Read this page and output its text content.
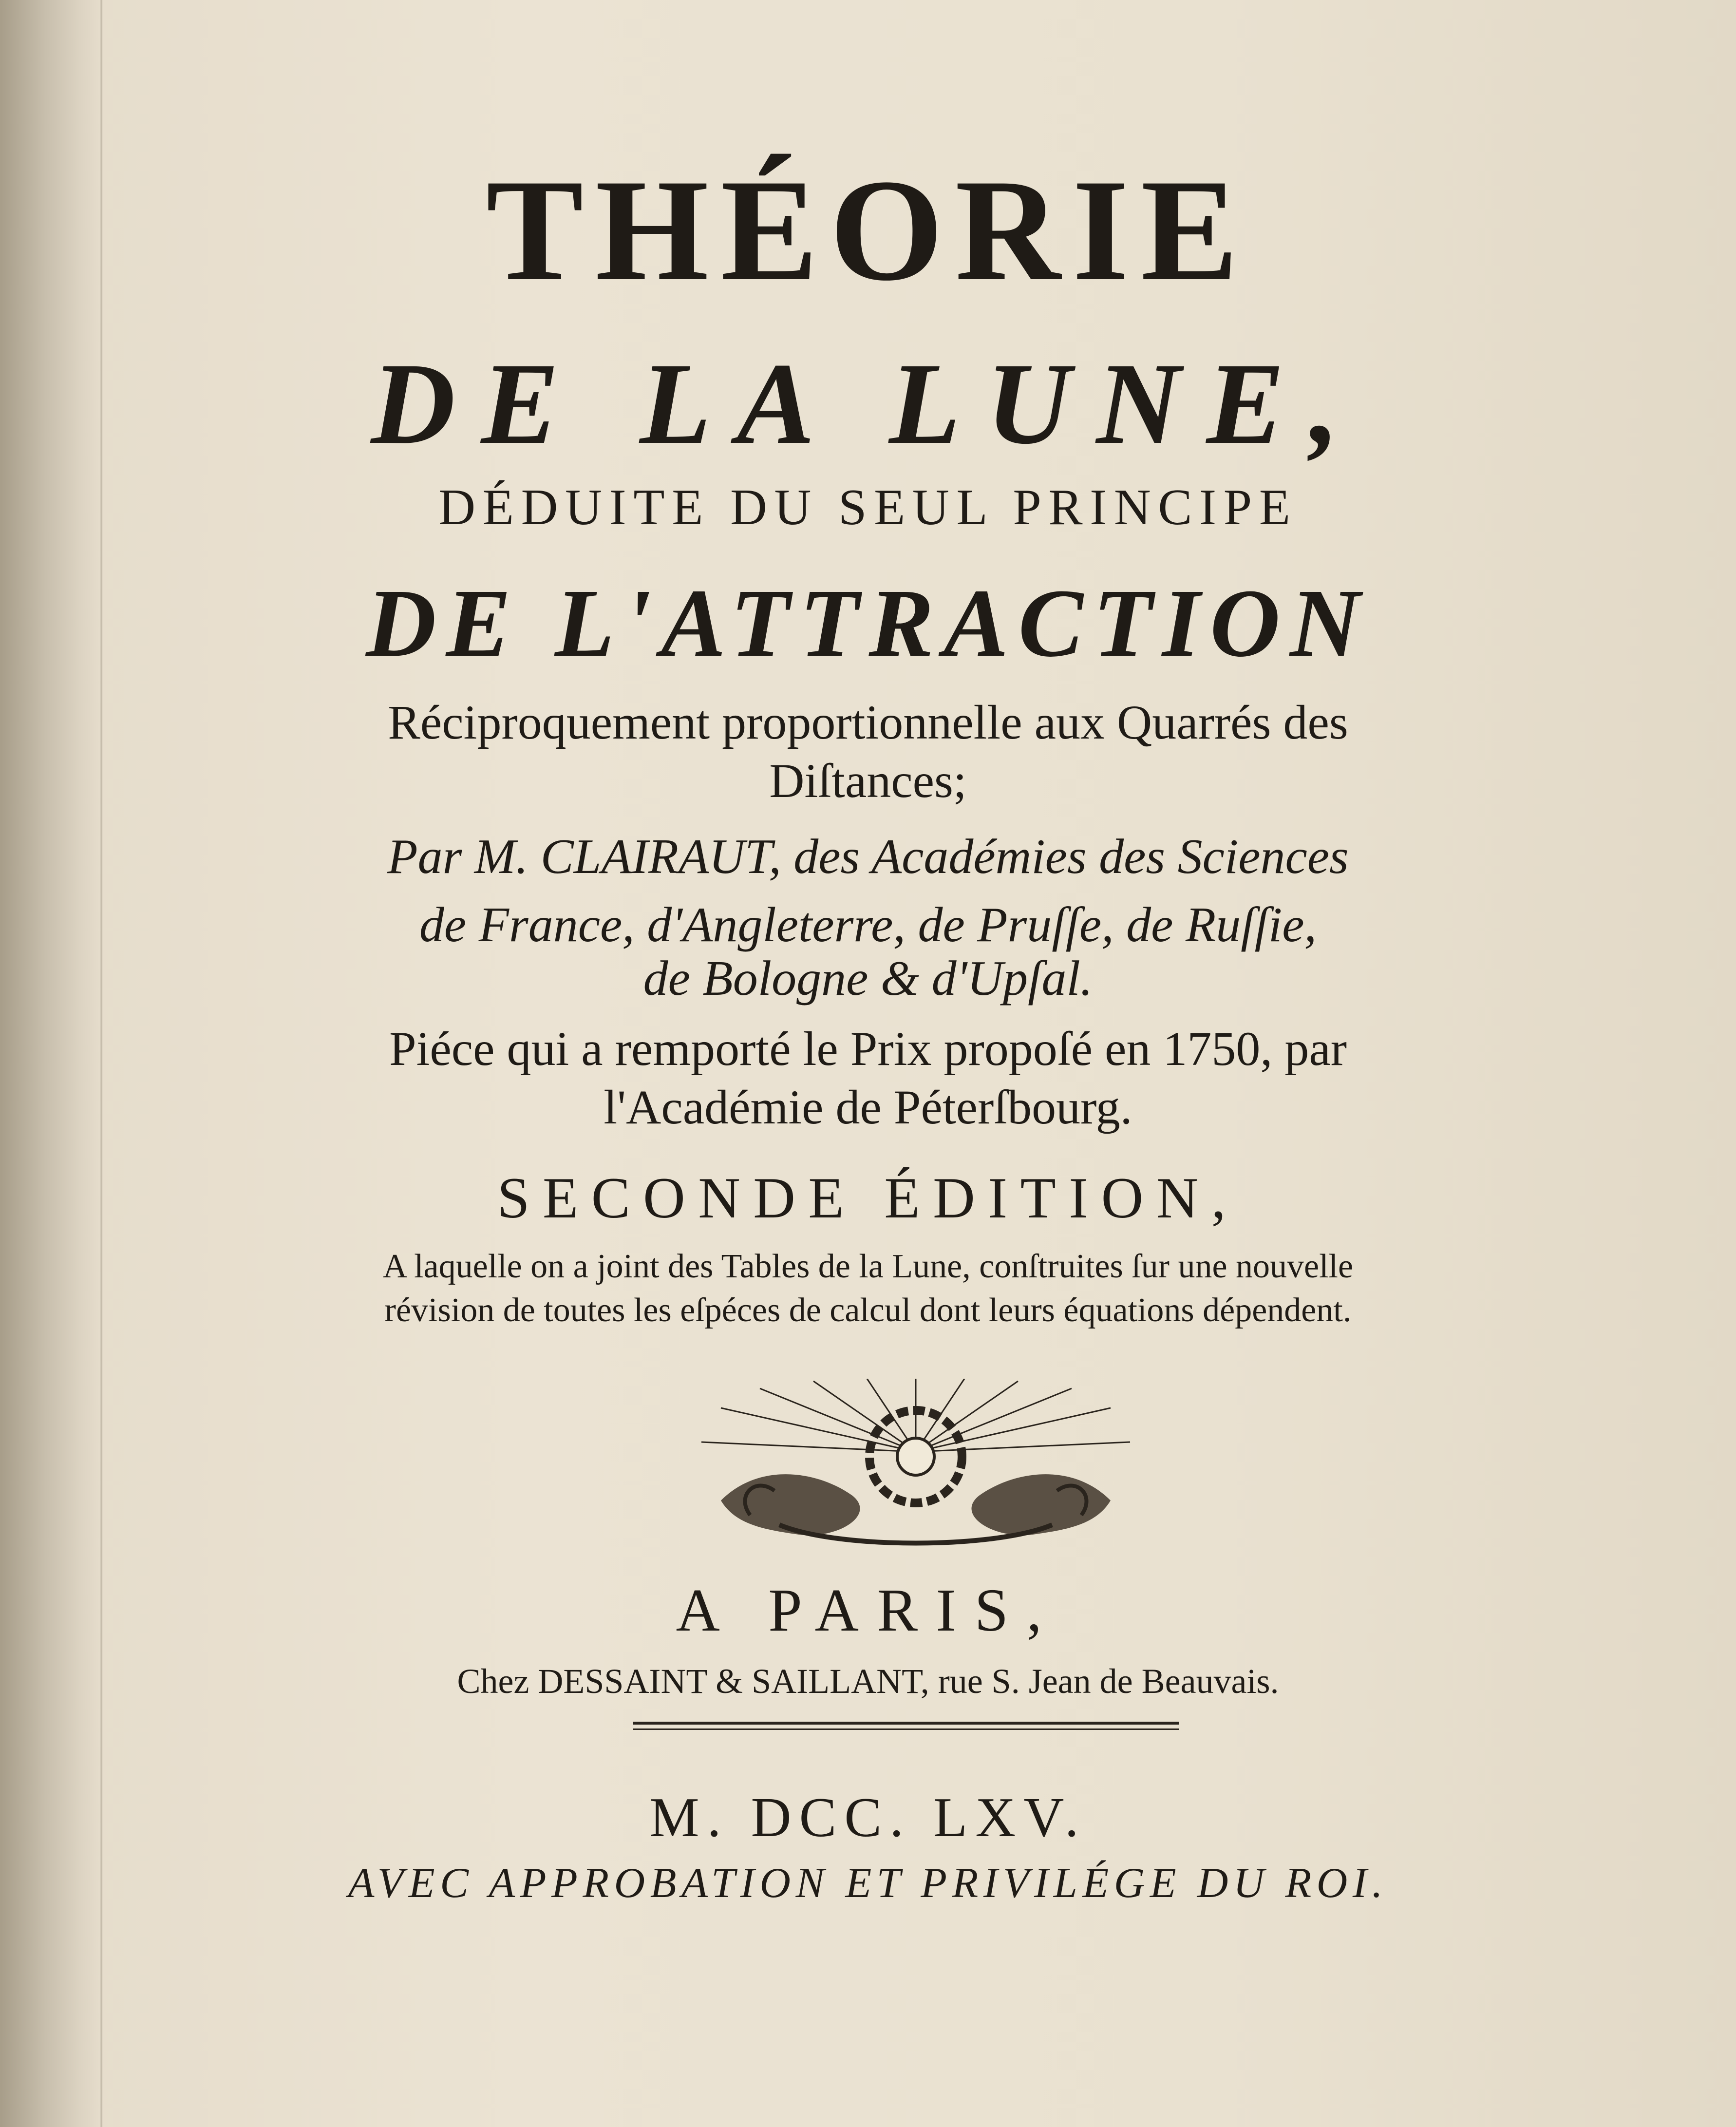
THÉORIE
DE LA LUNE,
DÉDUITE DU SEUL PRINCIPE
DE L'ATTRACTION
Réciproquement proportionnelle aux Quarrés des
Diſtances;
Par M. CLAIRAUT, des Académies des Sciences
de France, d'Angleterre, de Pruſſe, de Ruſſie,
de Bologne & d'Upſal.
Piéce qui a remporté le Prix propoſé en 1750, par
l'Académie de Péterſbourg.
SECONDE ÉDITION,
A laquelle on a joint des Tables de la Lune, conſtruites ſur une nouvelle
révision de toutes les eſpéces de calcul dont leurs équations dépendent.
A PARIS,
Chez DESSAINT & SAILLANT, rue S. Jean de Beauvais.
M. DCC. LXV.
AVEC APPROBATION ET PRIVILÉGE DU ROI.
